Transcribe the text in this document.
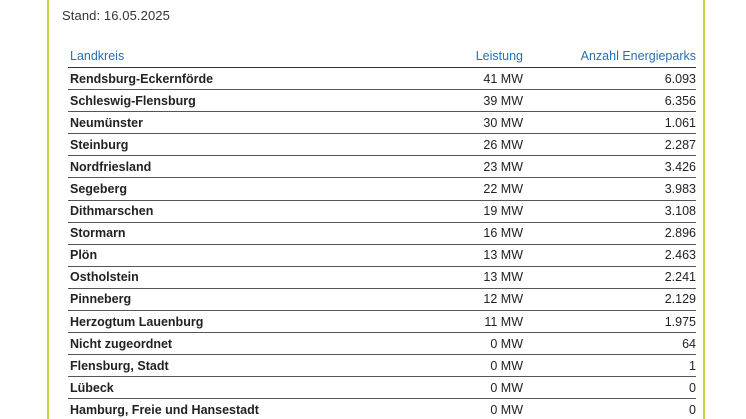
Stand: 16.05.2025
Landkreis	Leistung	Anzahl Energieparks
Rendsburg-Eckernförde	41 MW	6.093
Schleswig-Flensburg	39 MW	6.356
Neumünster	30 MW	1.061
Steinburg	26 MW	2.287
Nordfriesland	23 MW	3.426
Segeberg	22 MW	3.983
Dithmarschen	19 MW	3.108
Stormarn	16 MW	2.896
Plön	13 MW	2.463
Ostholstein	13 MW	2.241
Pinneberg	12 MW	2.129
Herzogtum Lauenburg	11 MW	1.975
Nicht zugeordnet	0 MW	64
Flensburg, Stadt	0 MW	1
Lübeck	0 MW	0
Hamburg, Freie und Hansestadt	0 MW	0
